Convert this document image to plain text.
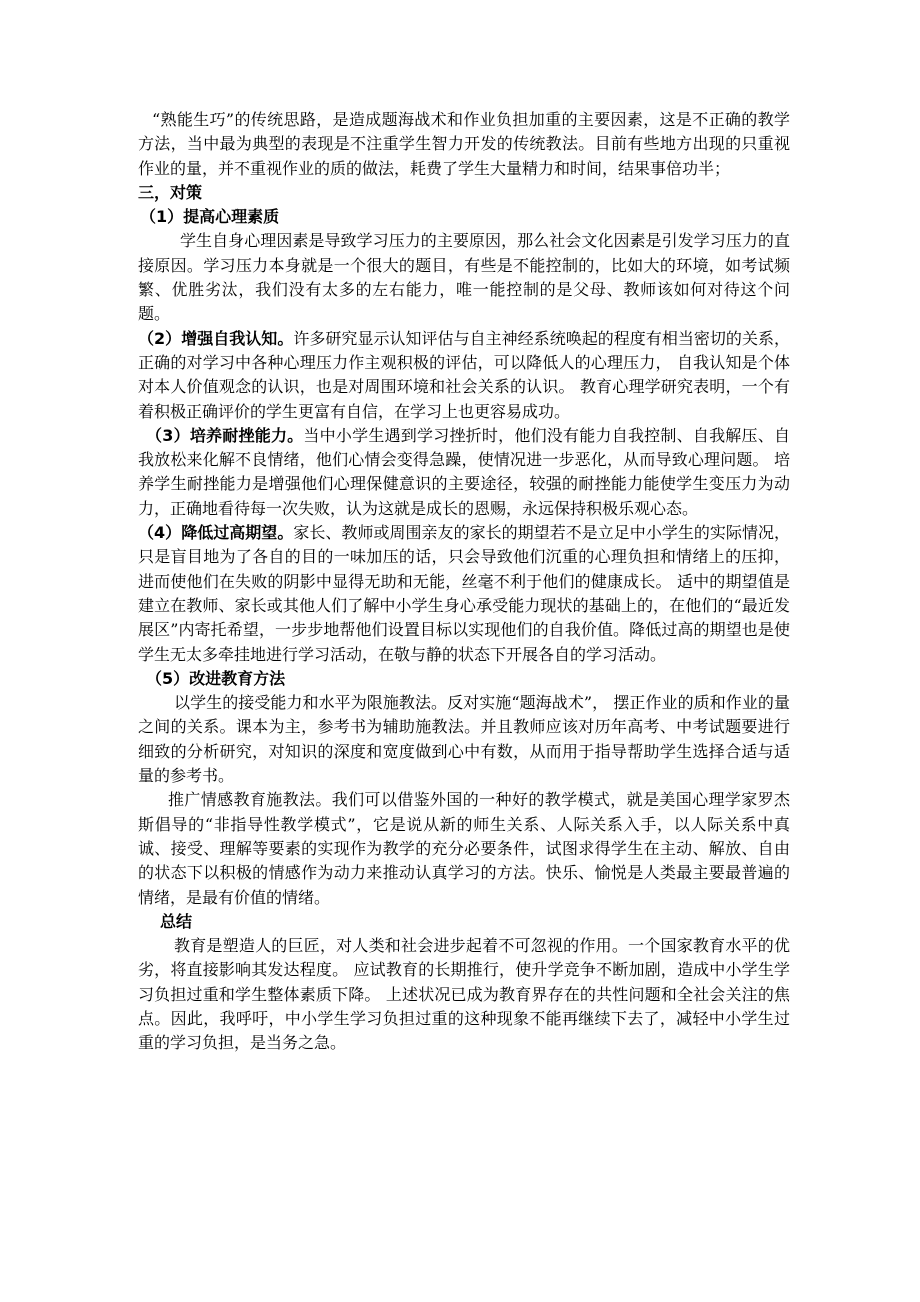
“熟能生巧”的传统思路，是造成题海战术和作业负担加重的主要因素，这是不正确的教学方法，当中最为典型的表现是不注重学生智力开发的传统教法。目前有些地方出现的只重视作业的量，并不重视作业的质的做法，耗费了学生大量精力和时间，结果事倍功半；

三，对策

（1）提高心理素质

学生自身心理因素是导致学习压力的主要原因，那么社会文化因素是引发学习压力的直接原因。学习压力本身就是一个很大的题目，有些是不能控制的，比如大的环境，如考试频繁、优胜劣汰，我们没有太多的左右能力，唯一能控制的是父母、教师该如何对待这个问题。

（2）增强自我认知。许多研究显示认知评估与自主神经系统唤起的程度有相当密切的关系，正确的对学习中各种心理压力作主观积极的评估，可以降低人的心理压力， 自我认知是个体对本人价值观念的认识，也是对周围环境和社会关系的认识。 教育心理学研究表明，一个有着积极正确评价的学生更富有自信，在学习上也更容易成功。

（3）培养耐挫能力。当中小学生遇到学习挫折时，他们没有能力自我控制、自我解压、自我放松来化解不良情绪，他们心情会变得急躁，使情况进一步恶化，从而导致心理问题。 培养学生耐挫能力是增强他们心理保健意识的主要途径，较强的耐挫能力能使学生变压力为动力，正确地看待每一次失败，认为这就是成长的恩赐，永远保持积极乐观心态。

（4）降低过高期望。家长、教师或周围亲友的家长的期望若不是立足中小学生的实际情况，只是盲目地为了各自的目的一味加压的话，只会导致他们沉重的心理负担和情绪上的压抑，进而使他们在失败的阴影中显得无助和无能，丝毫不利于他们的健康成长。 适中的期望值是建立在教师、家长或其他人们了解中小学生身心承受能力现状的基础上的，在他们的“最近发展区”内寄托希望，一步步地帮他们设置目标以实现他们的自我价值。降低过高的期望也是使学生无太多牵挂地进行学习活动，在敬与静的状态下开展各自的学习活动。

（5）改进教育方法

以学生的接受能力和水平为限施教法。反对实施“题海战术”， 摆正作业的质和作业的量之间的关系。课本为主，参考书为辅助施教法。并且教师应该对历年高考、中考试题要进行细致的分析研究，对知识的深度和宽度做到心中有数，从而用于指导帮助学生选择合适与适量的参考书。

推广情感教育施教法。我们可以借鉴外国的一种好的教学模式，就是美国心理学家罗杰斯倡导的“非指导性教学模式”，它是说从新的师生关系、人际关系入手，以人际关系中真诚、接受、理解等要素的实现作为教学的充分必要条件，试图求得学生在主动、解放、自由的状态下以积极的情感作为动力来推动认真学习的方法。快乐、愉悦是人类最主要最普遍的情绪，是最有价值的情绪。

总结

教育是塑造人的巨匠，对人类和社会进步起着不可忽视的作用。一个国家教育水平的优劣，将直接影响其发达程度。 应试教育的长期推行，使升学竞争不断加剧，造成中小学生学习负担过重和学生整体素质下降。 上述状况已成为教育界存在的共性问题和全社会关注的焦点。因此，我呼吁，中小学生学习负担过重的这种现象不能再继续下去了，减轻中小学生过重的学习负担，是当务之急。
